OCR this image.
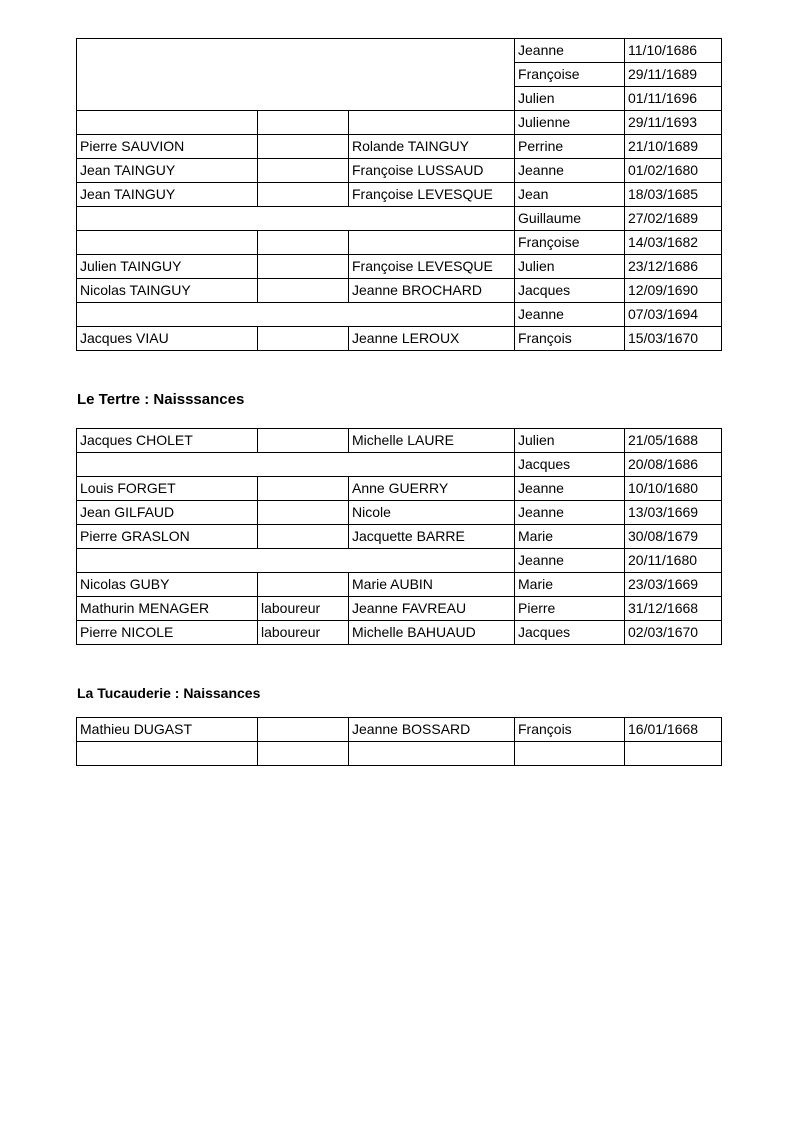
			Jeanne	11/10/1686
			Françoise	29/11/1689
			Julien	01/11/1696
			Julienne	29/11/1693
Pierre SAUVION		Rolande TAINGUY	Perrine	21/10/1689
Jean TAINGUY		Françoise LUSSAUD	Jeanne	01/02/1680
Jean TAINGUY		Françoise LEVESQUE	Jean	18/03/1685
			Guillaume	27/02/1689
			Françoise	14/03/1682
Julien TAINGUY		Françoise LEVESQUE	Julien	23/12/1686
Nicolas TAINGUY		Jeanne BROCHARD	Jacques	12/09/1690
			Jeanne	07/03/1694
Jacques VIAU		Jeanne LEROUX	François	15/03/1670
Le Tertre : Naisssances
Jacques CHOLET		Michelle LAURE	Julien	21/05/1688
			Jacques	20/08/1686
Louis FORGET		Anne GUERRY	Jeanne	10/10/1680
Jean GILFAUD		Nicole	Jeanne	13/03/1669
Pierre GRASLON		Jacquette BARRE	Marie	30/08/1679
			Jeanne	20/11/1680
Nicolas GUBY		Marie AUBIN	Marie	23/03/1669
Mathurin MENAGER	laboureur	Jeanne FAVREAU	Pierre	31/12/1668
Pierre NICOLE	laboureur	Michelle BAHUAUD	Jacques	02/03/1670
La Tucauderie : Naissances
Mathieu DUGAST		Jeanne BOSSARD	François	16/01/1668
